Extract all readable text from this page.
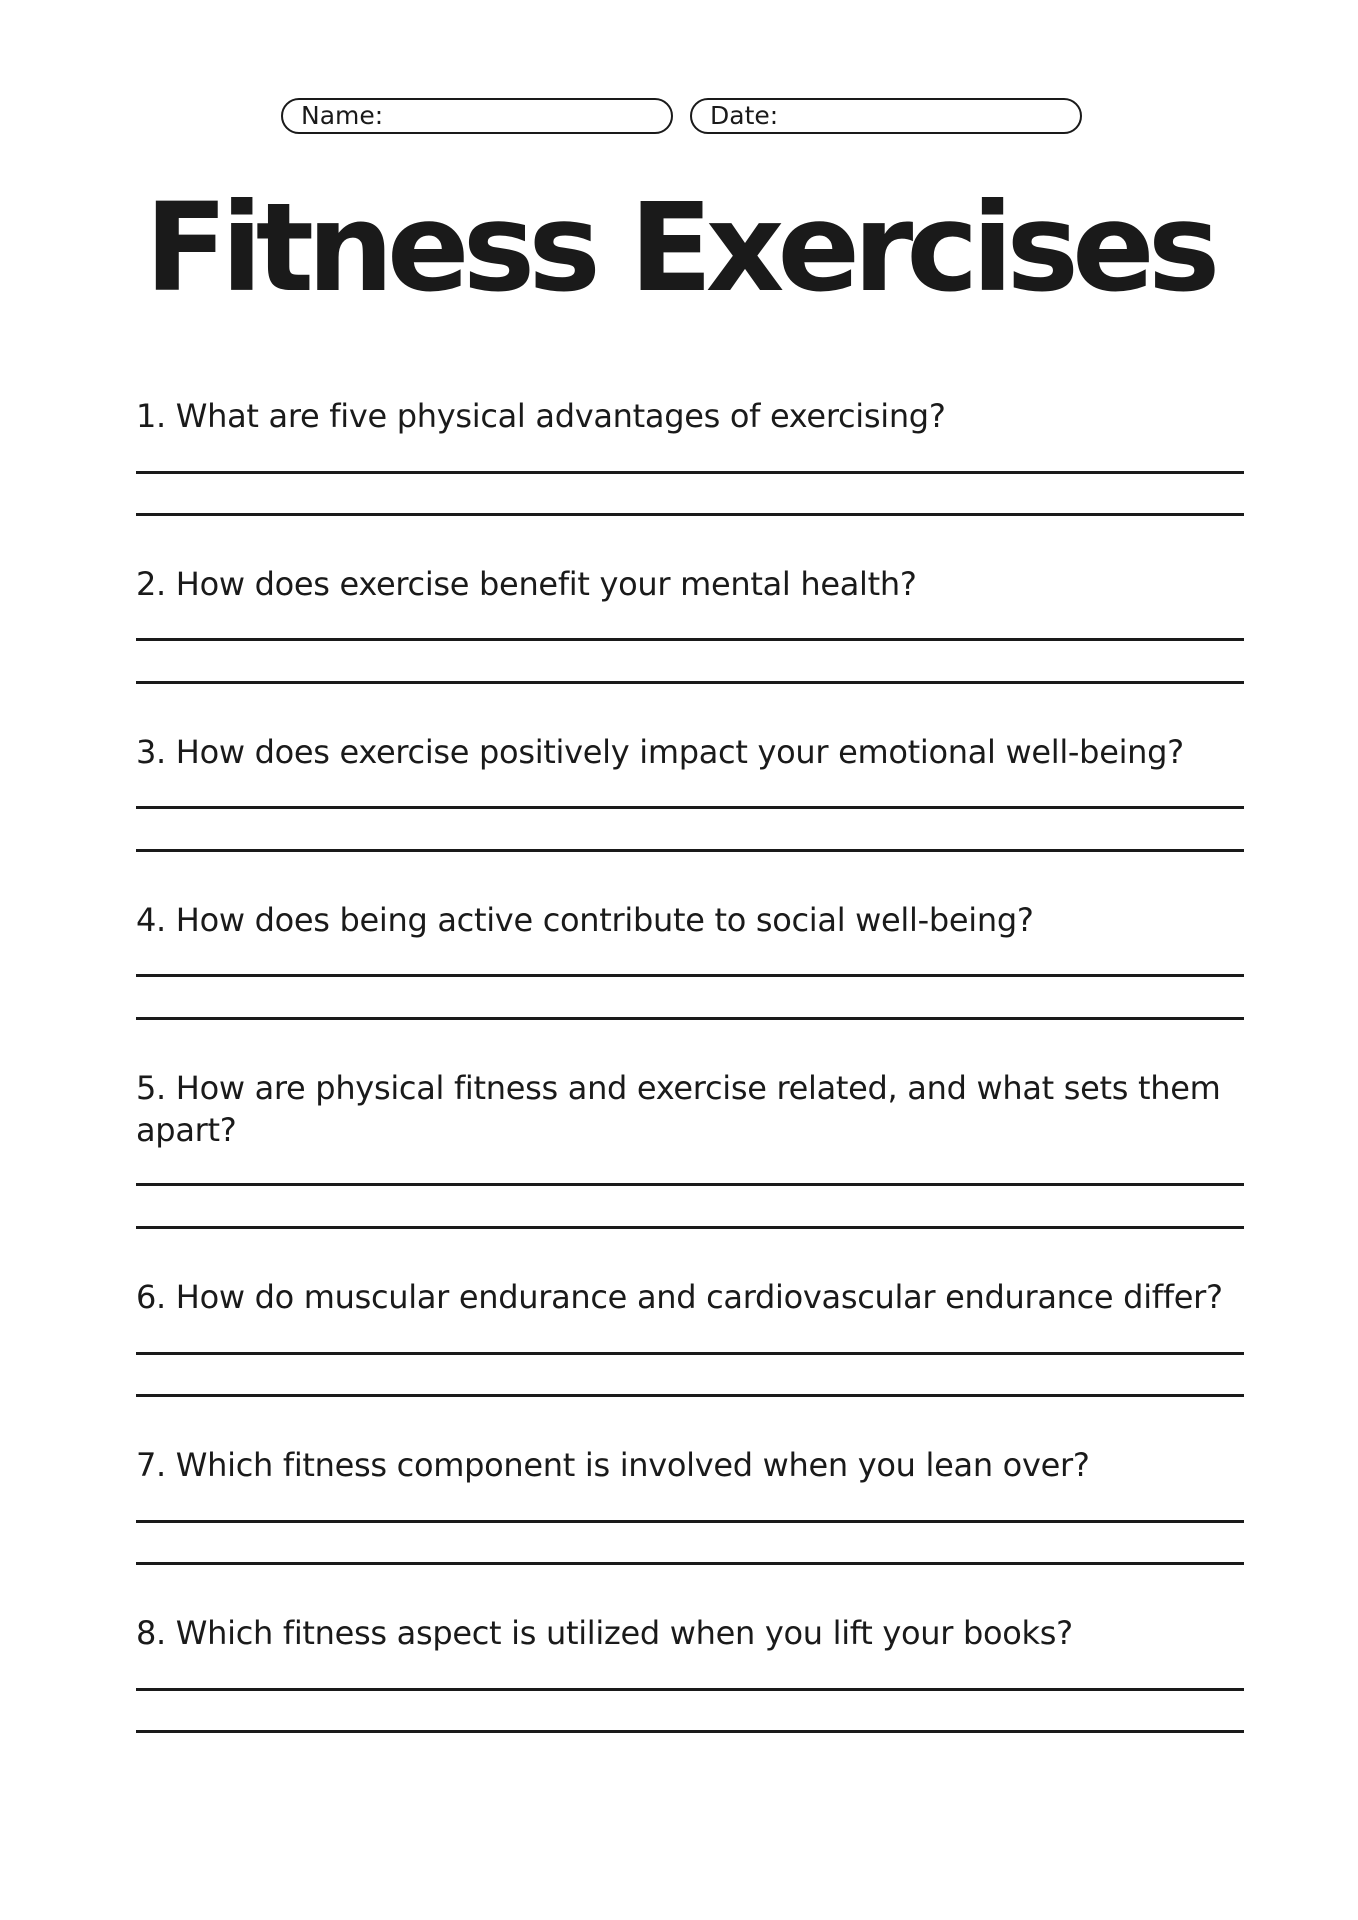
Name:	Date:
Fitness Exercises

1. What are five physical advantages of exercising?

2. How does exercise benefit your mental health?

3. How does exercise positively impact your emotional well-being?

4. How does being active contribute to social well-being?

5. How are physical fitness and exercise related, and what sets them apart?

6. How do muscular endurance and cardiovascular endurance differ?

7. Which fitness component is involved when you lean over?

8. Which fitness aspect is utilized when you lift your books?
